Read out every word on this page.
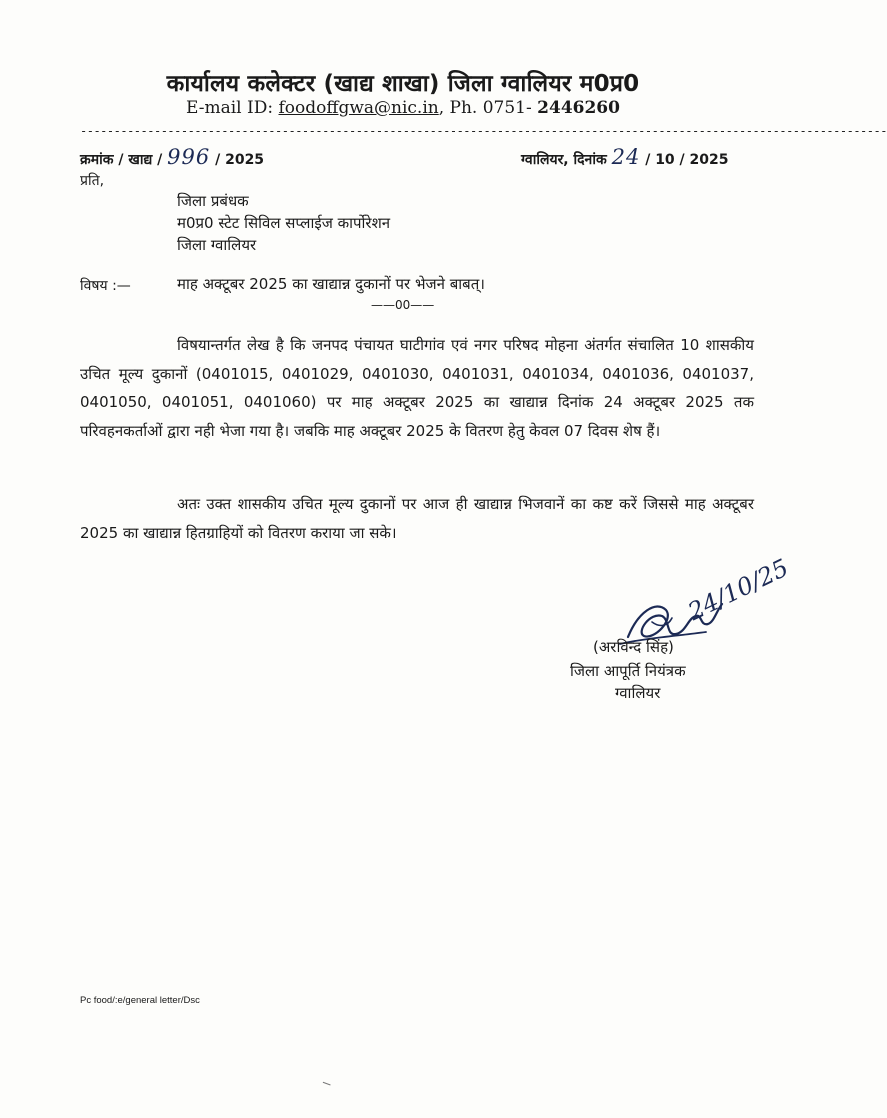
कार्यालय कलेक्टर (खाद्य शाखा) जिला ग्वालियर म0प्र0
E-mail ID: foodoffgwa@nic.in, Ph. 0751- 2446260
------------------------------------------------------------------------------------------------------------------------
क्रमांक / खाद्य / 996 / 2025	ग्वालियर, दिनांक 24 / 10 / 2025
प्रति,
जिला प्रबंधक
म0प्र0 स्टेट सिविल सप्लाईज कार्पोरेशन
जिला ग्वालियर
विषय :—	माह अक्टूबर 2025 का खाद्यान्न दुकानों पर भेजने बाबत्।
——00——
विषयान्तर्गत लेख है कि जनपद पंचायत घाटीगांव एवं नगर परिषद मोहना अंतर्गत संचालित 10 शासकीय उचित मूल्य दुकानों (0401015, 0401029, 0401030, 0401031, 0401034, 0401036, 0401037, 0401050, 0401051, 0401060) पर माह अक्टूबर 2025 का खाद्यान्न दिनांक 24 अक्टूबर 2025 तक परिवहनकर्ताओं द्वारा नही भेजा गया है। जबकि माह अक्टूबर 2025 के वितरण हेतु केवल 07 दिवस शेष हैं।
अतः उक्त शासकीय उचित मूल्य दुकानों पर आज ही खाद्यान्न भिजवानें का कष्ट करें जिससे माह अक्टूबर 2025 का खाद्यान्न हितग्राहियों को वितरण कराया जा सके।
24/10/25
(अरविन्द सिंह)
जिला आपूर्ति नियंत्रक
ग्वालियर
Pc food/:e/general letter/Dsc
